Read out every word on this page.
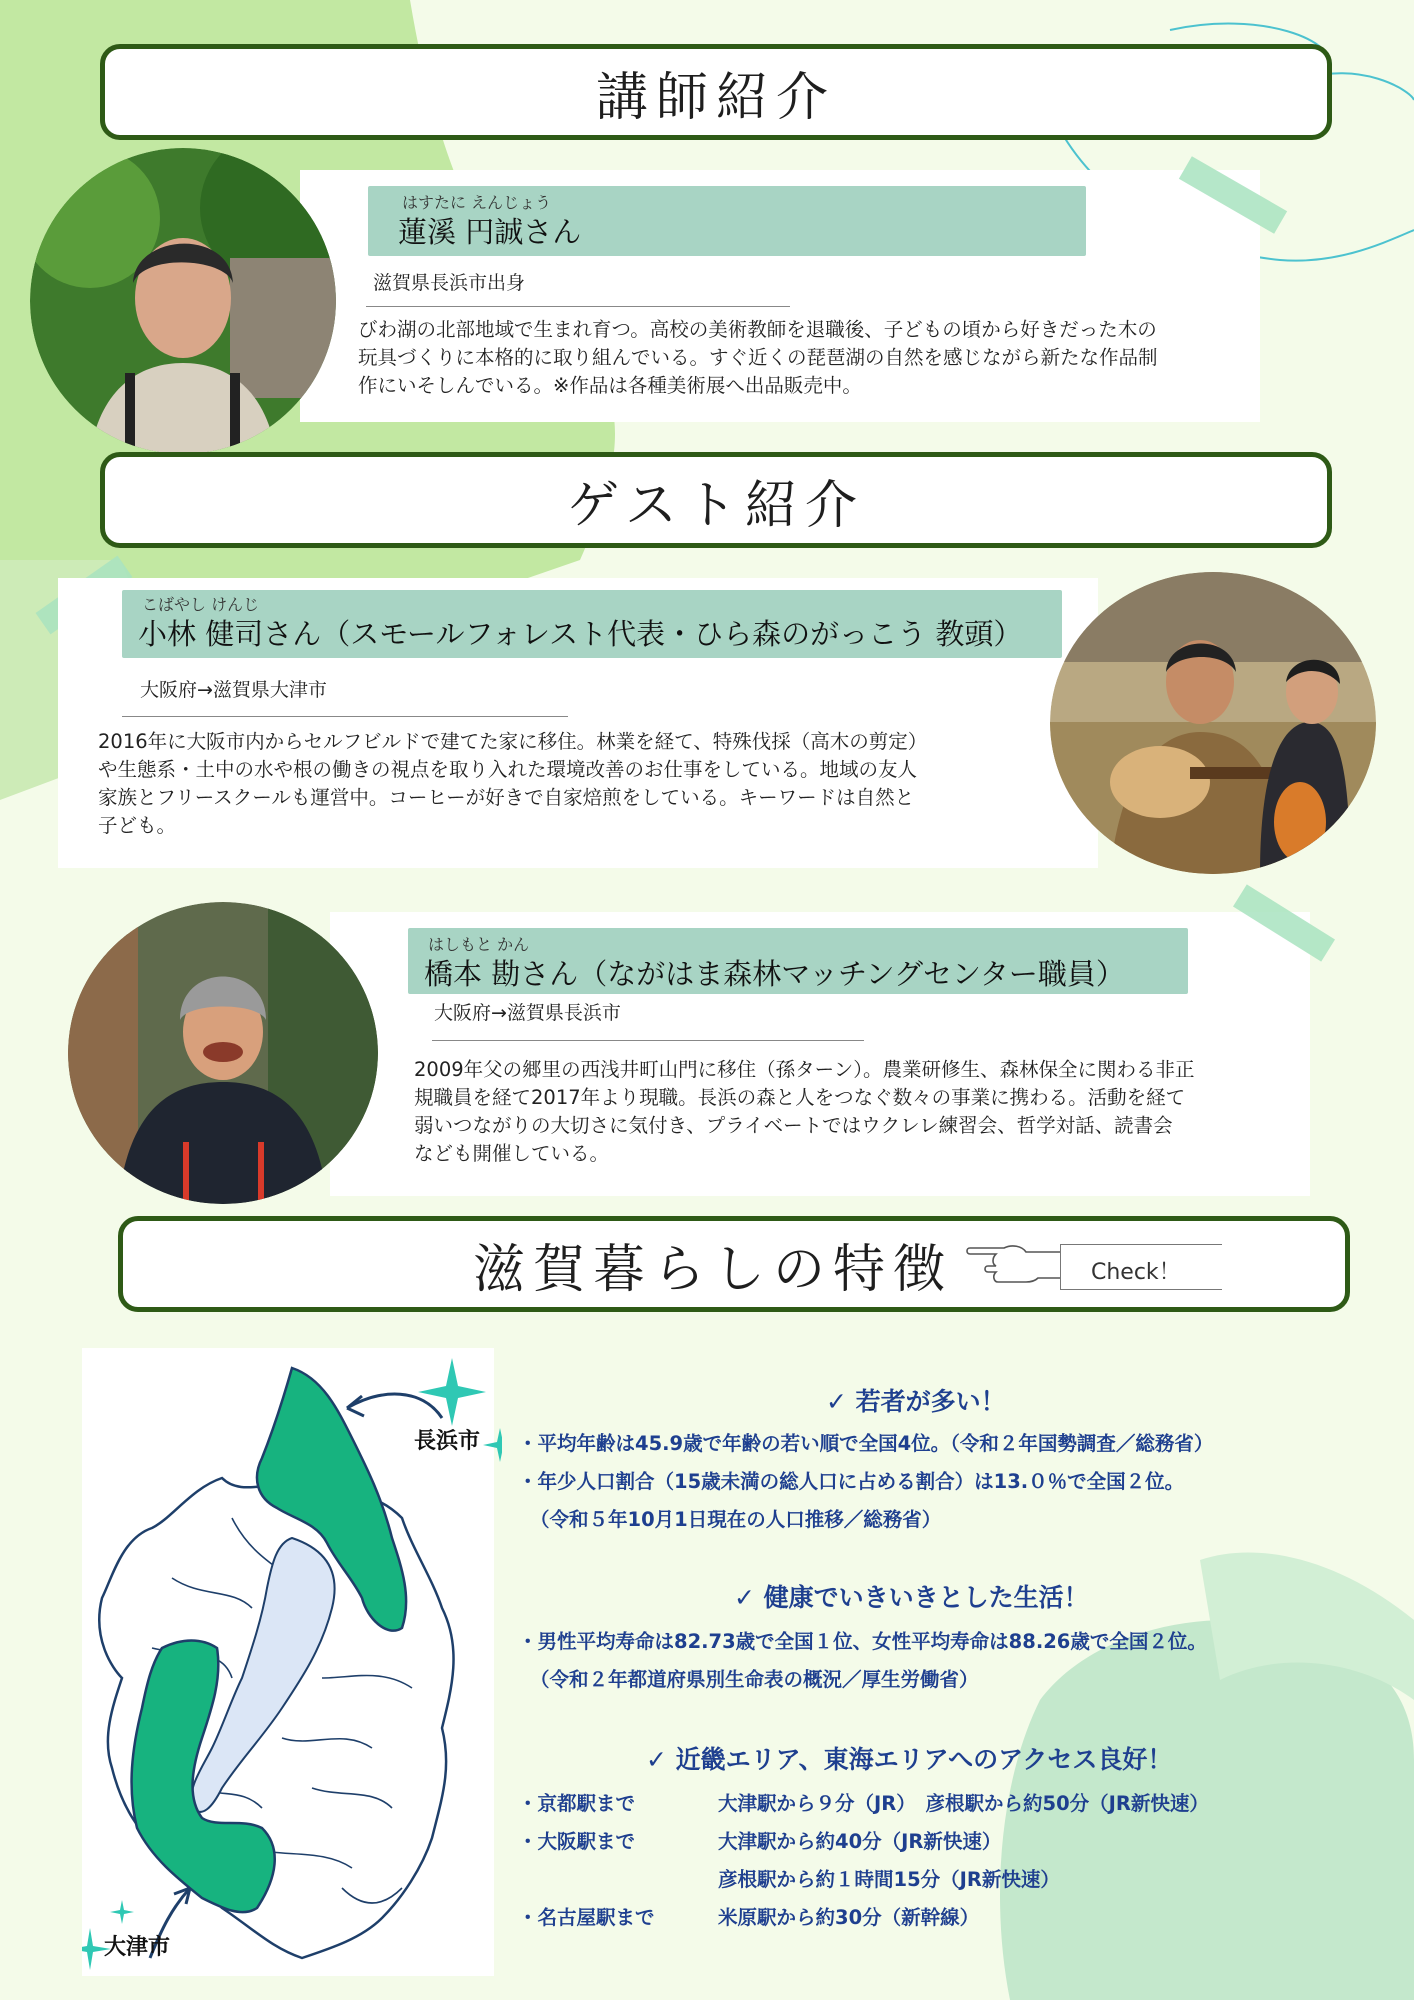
講師紹介
はすたに えんじょう
蓮溪 円誠さん
滋賀県長浜市出身
びわ湖の北部地域で生まれ育つ。高校の美術教師を退職後、子どもの頃から好きだった木の
玩具づくりに本格的に取り組んでいる。すぐ近くの琵琶湖の自然を感じながら新たな作品制
作にいそしんでいる。※作品は各種美術展へ出品販売中。
ゲスト紹介
こばやし けんじ
小林 健司さん（スモールフォレスト代表・ひら森のがっこう 教頭）
大阪府→滋賀県大津市
2016年に大阪市内からセルフビルドで建てた家に移住。林業を経て、特殊伐採（高木の剪定）
や生態系・土中の水や根の働きの視点を取り入れた環境改善のお仕事をしている。地域の友人
家族とフリースクールも運営中。コーヒーが好きで自家焙煎をしている。キーワードは自然と
子ども。
はしもと かん
橋本 勘さん（ながはま森林マッチングセンター職員）
大阪府→滋賀県長浜市
2009年父の郷里の西浅井町山門に移住（孫ターン）。農業研修生、森林保全に関わる非正
規職員を経て2017年より現職。長浜の森と人をつなぐ数々の事業に携わる。活動を経て
弱いつながりの大切さに気付き、プライベートではウクレレ練習会、哲学対話、読書会
なども開催している。
滋賀暮らしの特徴	Check！
長浜市
大津市
✓ 若者が多い！
・平均年齢は45.9歳で年齢の若い順で全国4位。（令和２年国勢調査／総務省）
・年少人口割合（15歳未満の総人口に占める割合）は13.０％で全国２位。
（令和５年10月1日現在の人口推移／総務省）
✓ 健康でいきいきとした生活！
・男性平均寿命は82.73歳で全国１位、女性平均寿命は88.26歳で全国２位。
（令和２年都道府県別生命表の概況／厚生労働省）
✓ 近畿エリア、東海エリアへのアクセス良好！
・京都駅まで	大津駅から９分（JR）　彦根駅から約50分（JR新快速）
・大阪駅まで	大津駅から約40分（JR新快速）
彦根駅から約１時間15分（JR新快速）
・名古屋駅まで	米原駅から約30分（新幹線）
